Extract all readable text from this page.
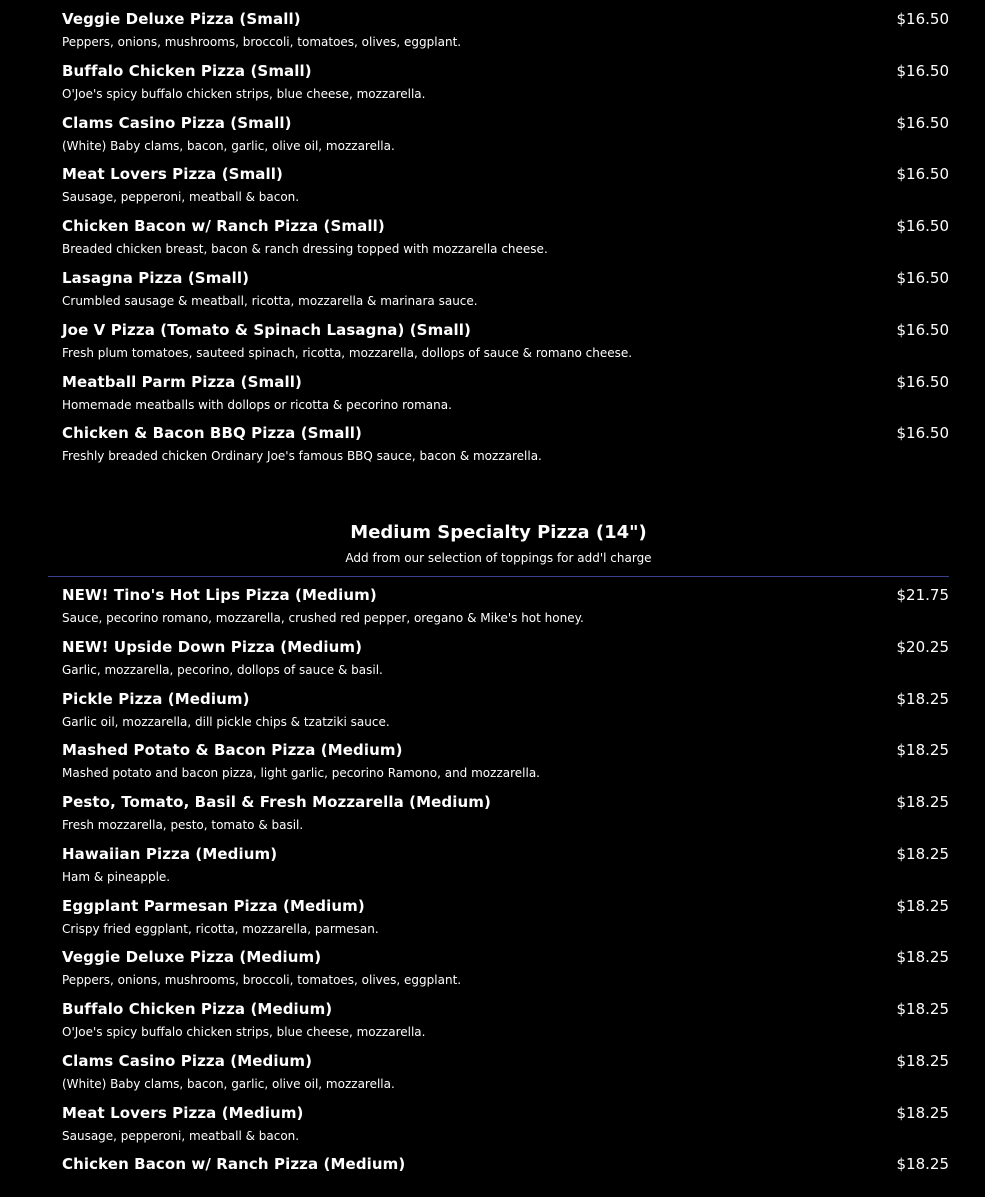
Veggie Deluxe Pizza (Small)	$16.50
Peppers, onions, mushrooms, broccoli, tomatoes, olives, eggplant.
Buffalo Chicken Pizza (Small)	$16.50
O'Joe's spicy buffalo chicken strips, blue cheese, mozzarella.
Clams Casino Pizza (Small)	$16.50
(White) Baby clams, bacon, garlic, olive oil, mozzarella.
Meat Lovers Pizza (Small)	$16.50
Sausage, pepperoni, meatball & bacon.
Chicken Bacon w/ Ranch Pizza (Small)	$16.50
Breaded chicken breast, bacon & ranch dressing topped with mozzarella cheese.
Lasagna Pizza (Small)	$16.50
Crumbled sausage & meatball, ricotta, mozzarella & marinara sauce.
Joe V Pizza (Tomato & Spinach Lasagna) (Small)	$16.50
Fresh plum tomatoes, sauteed spinach, ricotta, mozzarella, dollops of sauce & romano cheese.
Meatball Parm Pizza (Small)	$16.50
Homemade meatballs with dollops or ricotta & pecorino romana.
Chicken & Bacon BBQ Pizza (Small)	$16.50
Freshly breaded chicken Ordinary Joe's famous BBQ sauce, bacon & mozzarella.
Medium Specialty Pizza (14")
Add from our selection of toppings for add'l charge
NEW! Tino's Hot Lips Pizza (Medium)	$21.75
Sauce, pecorino romano, mozzarella, crushed red pepper, oregano & Mike's hot honey.
NEW! Upside Down Pizza (Medium)	$20.25
Garlic, mozzarella, pecorino, dollops of sauce & basil.
Pickle Pizza (Medium)	$18.25
Garlic oil, mozzarella, dill pickle chips & tzatziki sauce.
Mashed Potato & Bacon Pizza (Medium)	$18.25
Mashed potato and bacon pizza, light garlic, pecorino Ramono, and mozzarella.
Pesto, Tomato, Basil & Fresh Mozzarella (Medium)	$18.25
Fresh mozzarella, pesto, tomato & basil.
Hawaiian Pizza (Medium)	$18.25
Ham & pineapple.
Eggplant Parmesan Pizza (Medium)	$18.25
Crispy fried eggplant, ricotta, mozzarella, parmesan.
Veggie Deluxe Pizza (Medium)	$18.25
Peppers, onions, mushrooms, broccoli, tomatoes, olives, eggplant.
Buffalo Chicken Pizza (Medium)	$18.25
O'Joe's spicy buffalo chicken strips, blue cheese, mozzarella.
Clams Casino Pizza (Medium)	$18.25
(White) Baby clams, bacon, garlic, olive oil, mozzarella.
Meat Lovers Pizza (Medium)	$18.25
Sausage, pepperoni, meatball & bacon.
Chicken Bacon w/ Ranch Pizza (Medium)	$18.25
